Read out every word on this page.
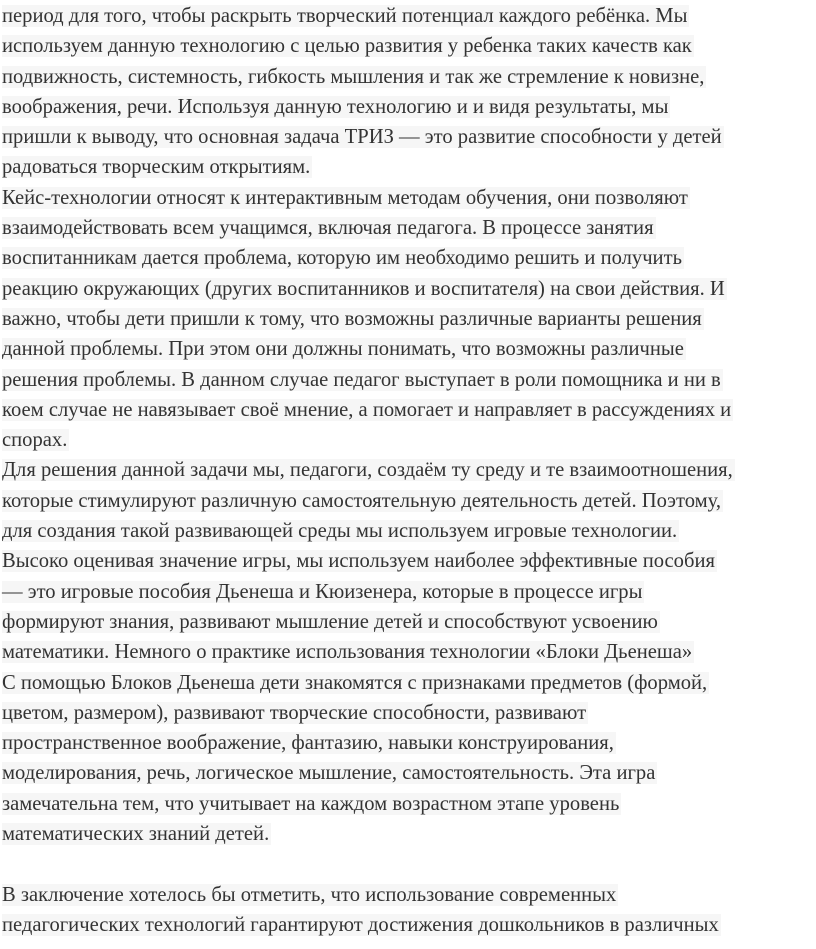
период для того, чтобы раскрыть творческий потенциал каждого ребёнка. Мы
используем данную технологию с целью развития у ребенка таких качеств как
подвижность, системность, гибкость мышления и так же стремление к новизне,
воображения, речи. Используя данную технологию и и видя результаты, мы
пришли к выводу, что основная задача ТРИЗ — это развитие способности у детей
радоваться творческим открытиям.
Кейс-технологии относят к интерактивным методам обучения, они позволяют
взаимодействовать всем учащимся, включая педагога. В процессе занятия
воспитанникам дается проблема, которую им необходимо решить и получить
реакцию окружающих (других воспитанников и воспитателя) на свои действия. И
важно, чтобы дети пришли к тому, что возможны различные варианты решения
данной проблемы. При этом они должны понимать, что возможны различные
решения проблемы. В данном случае педагог выступает в роли помощника и ни в
коем случае не навязывает своё мнение, а помогает и направляет в рассуждениях и
спорах.
Для решения данной задачи мы, педагоги, создаём ту среду и те взаимоотношения,
которые стимулируют различную самостоятельную деятельность детей. Поэтому,
для создания такой развивающей среды мы используем игровые технологии.
Высоко оценивая значение игры, мы используем наиболее эффективные пособия
— это игровые пособия Дьенеша и Кюизенера, которые в процессе игры
формируют знания, развивают мышление детей и способствуют усвоению
математики. Немного о практике использования технологии «Блоки Дьенеша»
С помощью Блоков Дьенеша дети знакомятся с признаками предметов (формой,
цветом, размером), развивают творческие способности, развивают
пространственное воображение, фантазию, навыки конструирования,
моделирования, речь, логическое мышление, самостоятельность. Эта игра
замечательна тем, что учитывает на каждом возрастном этапе уровень
математических знаний детей.
В заключение хотелось бы отметить, что использование современных
педагогических технологий гарантируют достижения дошкольников в различных
